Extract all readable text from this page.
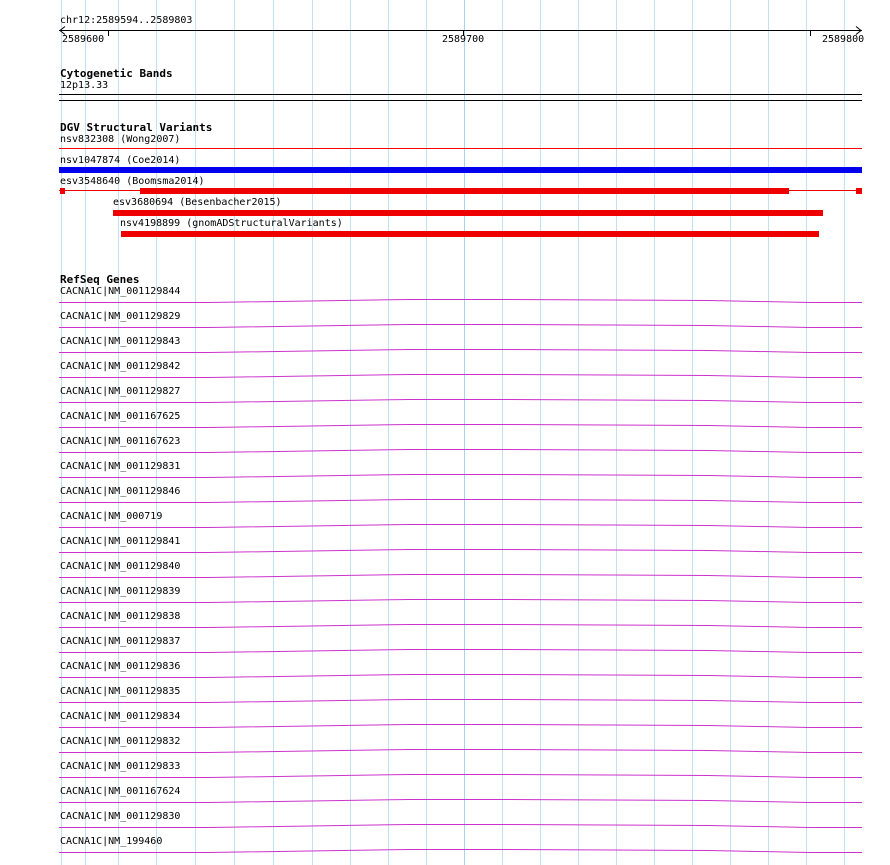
chr12:2589594..2589803
2589600	2589700	2589800
Cytogenetic Bands
12p13.33
DGV Structural Variants
nsv832308 (Wong2007)
nsv1047874 (Coe2014)
esv3548640 (Boomsma2014)
esv3680694 (Besenbacher2015)
nsv4198899 (gnomADStructuralVariants)
RefSeq Genes
CACNA1C|NM_001129844
CACNA1C|NM_001129829
CACNA1C|NM_001129843
CACNA1C|NM_001129842
CACNA1C|NM_001129827
CACNA1C|NM_001167625
CACNA1C|NM_001167623
CACNA1C|NM_001129831
CACNA1C|NM_001129846
CACNA1C|NM_000719
CACNA1C|NM_001129841
CACNA1C|NM_001129840
CACNA1C|NM_001129839
CACNA1C|NM_001129838
CACNA1C|NM_001129837
CACNA1C|NM_001129836
CACNA1C|NM_001129835
CACNA1C|NM_001129834
CACNA1C|NM_001129832
CACNA1C|NM_001129833
CACNA1C|NM_001167624
CACNA1C|NM_001129830
CACNA1C|NM_199460
